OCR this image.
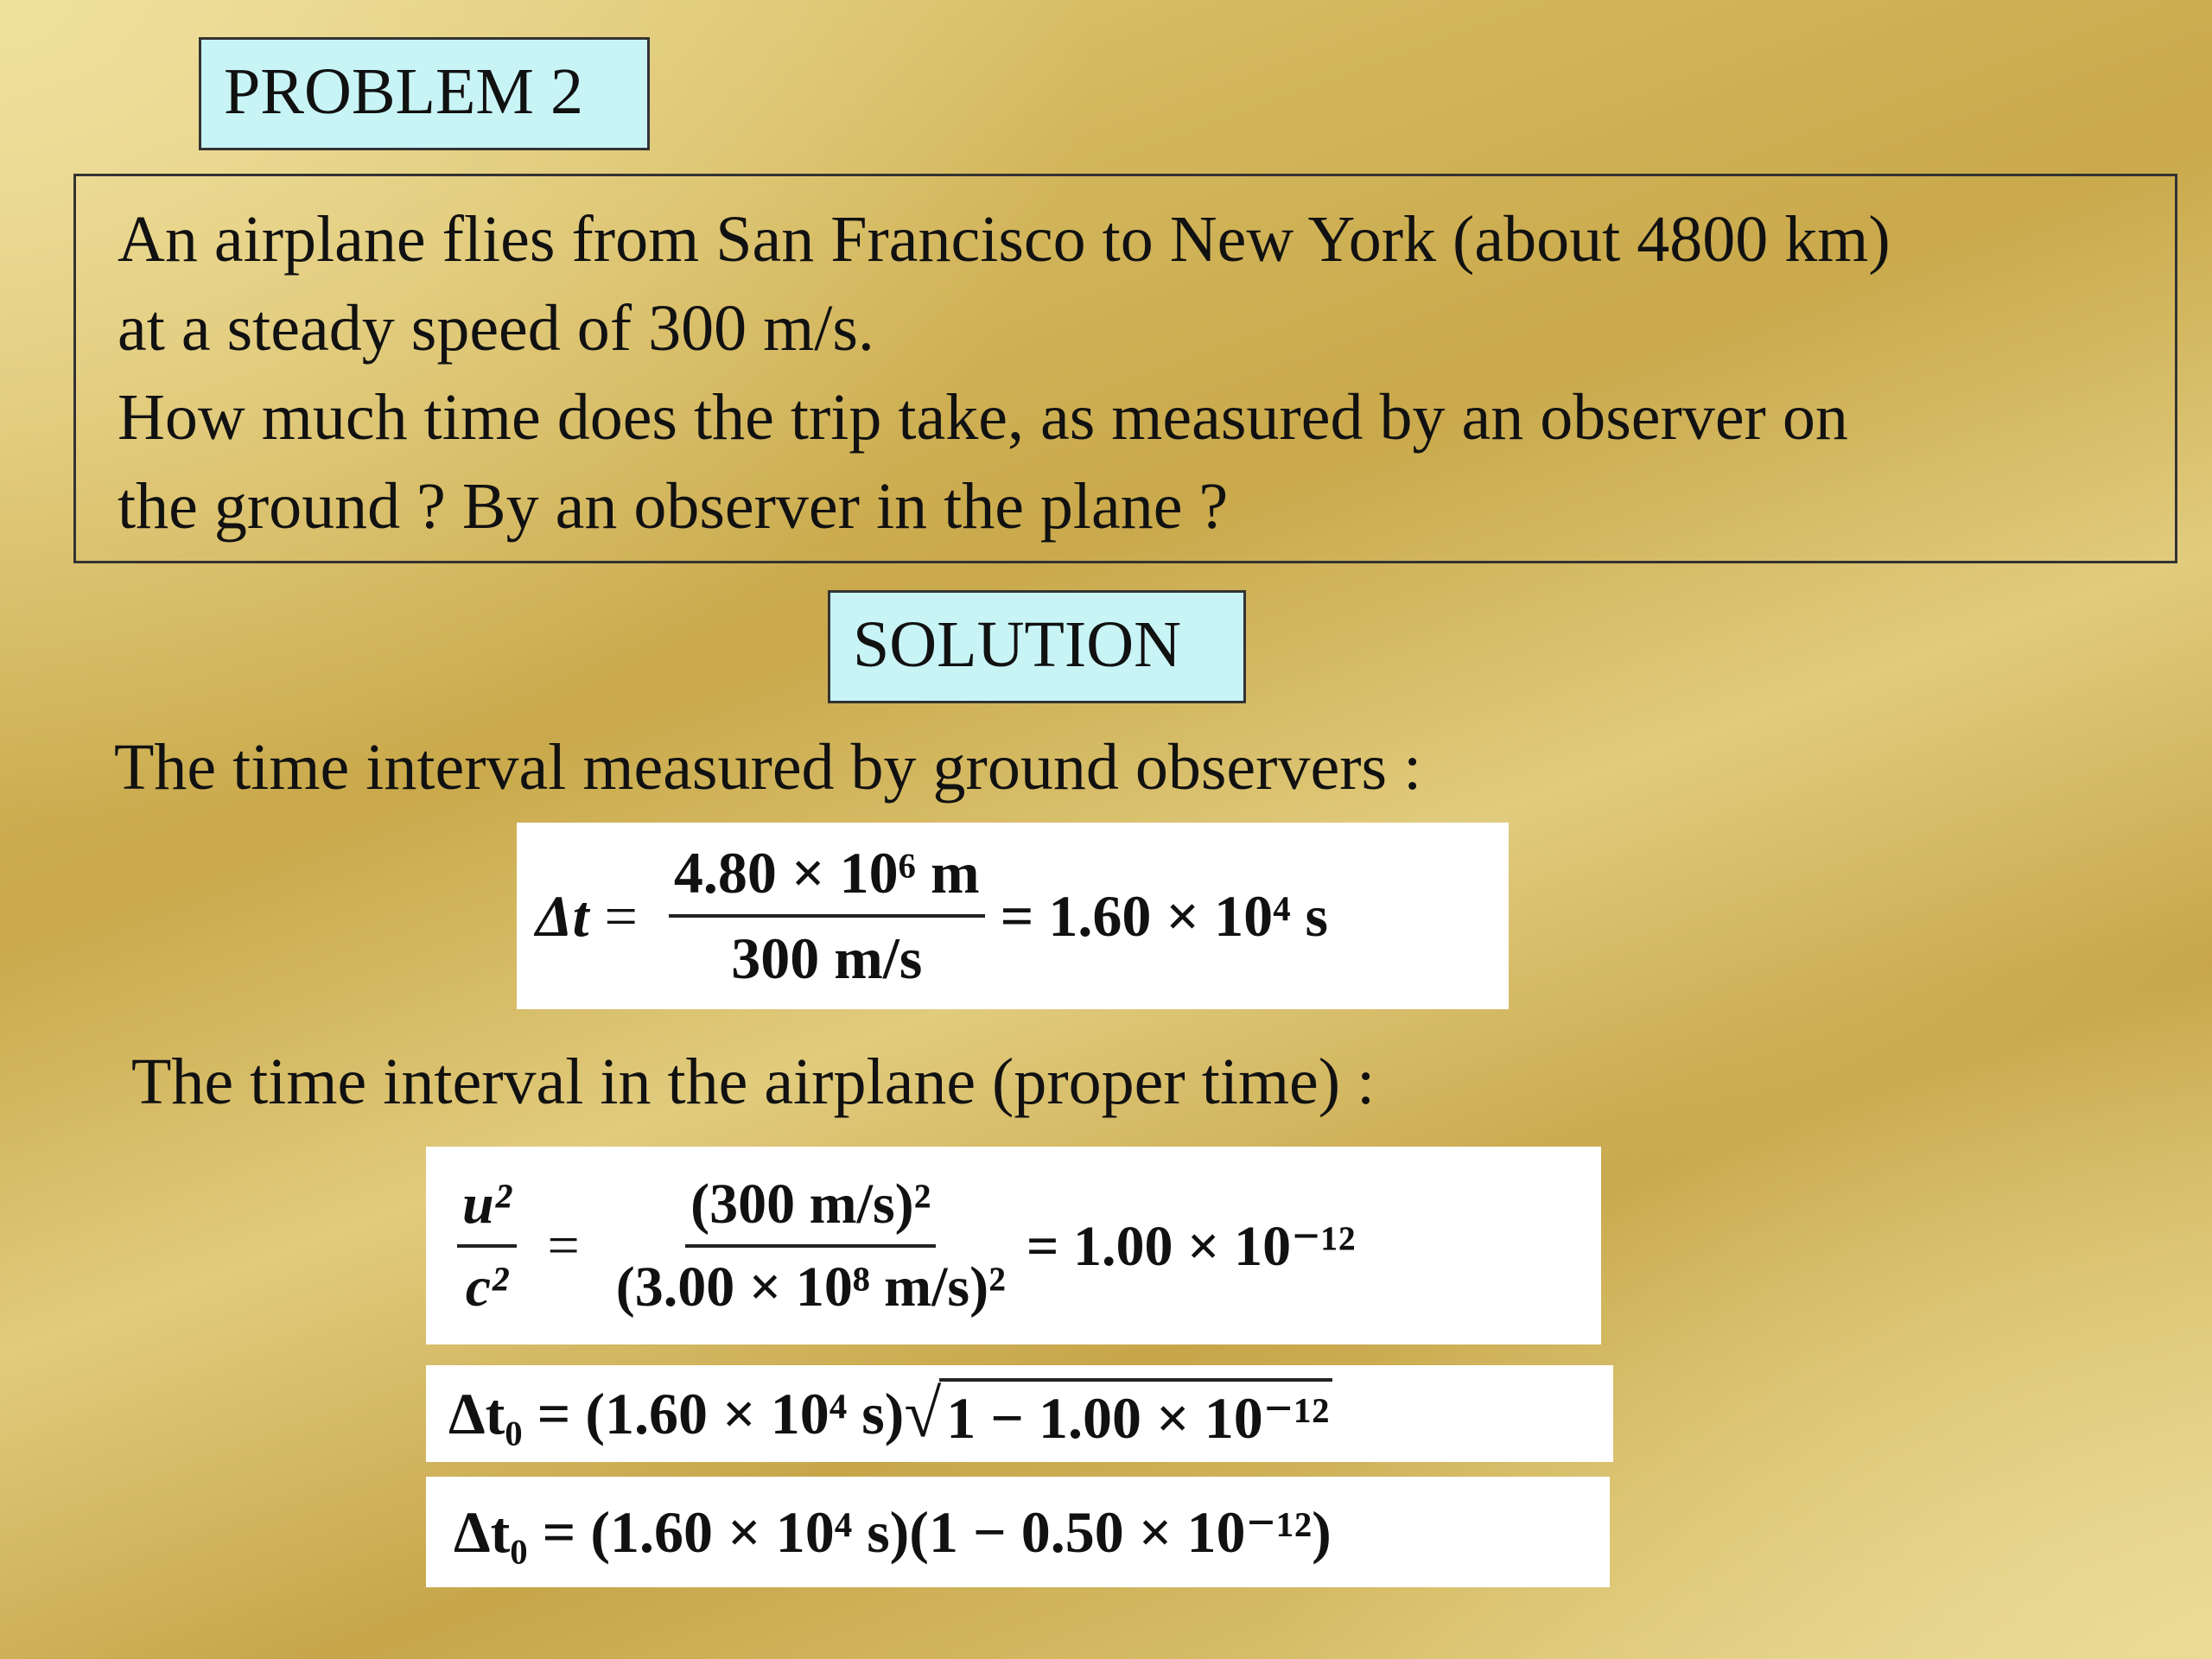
PROBLEM 2

An airplane flies from San Francisco to New York (about 4800 km)

at a steady speed of 300 m/s.

How much time does the trip take, as measured by an observer on

the ground ? By an observer in the plane ?

SOLUTION
The time interval measured by ground observers :
$\Delta t = \frac{\text{4.80 × 10⁶ m}}{300 m/s} = 1.60 \times 10^4$ s
The time interval in the airplane (proper time) :
$\frac{\text{u²}}{\text{c²}} = \frac{\text{(300 m/s)²}}{\text{(3.00 × 10⁸ m/s)²}} = 1.00 \times 10^{-12}$
Δt₀ = (1.60 × 10⁴ s) √ 1 − 1.00 × 10⁻¹²
Δt₀ = (1.60 × 10⁴ s)(1 − 0.50 × 10⁻¹²)
